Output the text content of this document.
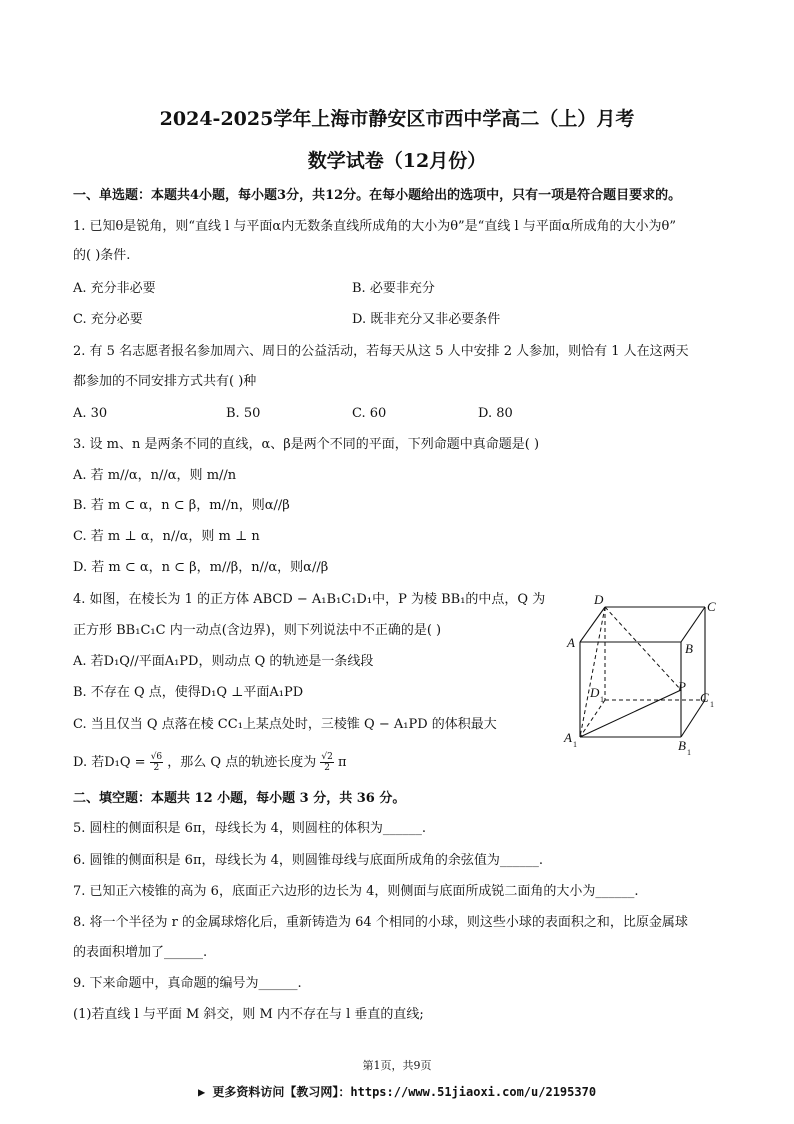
2024-2025学年上海市静安区市西中学高二（上）月考
数学试卷（12月份）
一、单选题：本题共4小题，每小题3分，共12分。在每小题给出的选项中，只有一项是符合题目要求的。
1. 已知θ是锐角，则“直线 l 与平面α内无数条直线所成角的大小为θ”是“直线 l 与平面α所成角的大小为θ”
的( )条件.
A. 充分非必要	B. 必要非充分
C. 充分必要	D. 既非充分又非必要条件
2. 有 5 名志愿者报名参加周六、周日的公益活动，若每天从这 5 人中安排 2 人参加，则恰有 1 人在这两天
都参加的不同安排方式共有( )种
A. 30	B. 50	C. 60	D. 80
3. 设 m、n 是两条不同的直线，α、β是两个不同的平面，下列命题中真命题是( )
A. 若 m//α，n//α，则 m//n
B. 若 m ⊂ α，n ⊂ β，m//n，则α//β
C. 若 m ⊥ α，n//α，则 m ⊥ n
D. 若 m ⊂ α，n ⊂ β，m//β，n//α，则α//β
4. 如图，在棱长为 1 的正方体 ABCD − A₁B₁C₁D₁中，P 为棱 BB₁的中点，Q 为
正方形 BB₁C₁C 内一动点(含边界)，则下列说法中不正确的是( )
A. 若D₁Q//平面A₁PD，则动点 Q 的轨迹是一条线段
B. 不存在 Q 点，使得D₁Q ⊥平面A₁PD
C. 当且仅当 Q 点落在棱 CC₁上某点处时，三棱锥 Q − A₁PD 的体积最大
D. 若$D_1Q = \frac{√6}{2}$ ，那么 Q 点的轨迹长度为 $\frac{√2}{2}$ π
D	C
A	B
D 1
P
C 1
A 1	B 1
二、填空题：本题共 12 小题，每小题 3 分，共 36 分。
5. 圆柱的侧面积是 6π，母线长为 4，则圆柱的体积为______.
6. 圆锥的侧面积是 6π，母线长为 4，则圆锥母线与底面所成角的余弦值为______.
7. 已知正六棱锥的高为 6，底面正六边形的边长为 4，则侧面与底面所成锐二面角的大小为______.
8. 将一个半径为 r 的金属球熔化后，重新铸造为 64 个相同的小球，则这些小球的表面积之和，比原金属球
的表面积增加了______.
9. 下来命题中，真命题的编号为______.
(1)若直线 l 与平面 M 斜交，则 M 内不存在与 l 垂直的直线;
第1页，共9页
▶ 更多资料访问【教习网】：https://www.51jiaoxi.com/u/2195370
